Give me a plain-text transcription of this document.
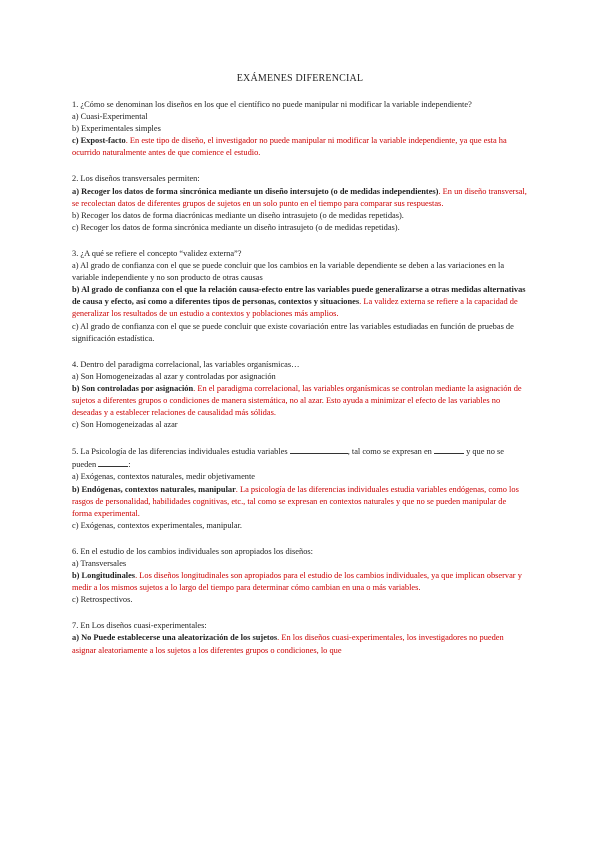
EXÁMENES DIFERENCIAL
1. ¿Cómo se denominan los diseños en los que el científico no puede manipular ni modificar la variable independiente?
a) Cuasi-Experimental
b) Experimentales simples
c) Expost-facto. En este tipo de diseño, el investigador no puede manipular ni modificar la variable independiente, ya que esta ha ocurrido naturalmente antes de que comience el estudio.
2. Los diseños transversales permiten:
a) Recoger los datos de forma sincrónica mediante un diseño intersujeto (o de medidas independientes). En un diseño transversal, se recolectan datos de diferentes grupos de sujetos en un solo punto en el tiempo para comparar sus respuestas.
b) Recoger los datos de forma diacrónicas mediante un diseño intrasujeto (o de medidas repetidas).
c) Recoger los datos de forma sincrónica mediante un diseño intrasujeto (o de medidas repetidas).
3. ¿A qué se refiere el concepto “validez externa”?
a) Al grado de confianza con el que se puede concluir que los cambios en la variable dependiente se deben a las variaciones en la variable independiente y no son producto de otras causas
b) Al grado de confianza con el que la relación causa-efecto entre las variables puede generalizarse a otras medidas alternativas de causa y efecto, así como a diferentes tipos de personas, contextos y situaciones. La validez externa se refiere a la capacidad de generalizar los resultados de un estudio a contextos y poblaciones más amplios.
c) Al grado de confianza con el que se puede concluir que existe covariación entre las variables estudiadas en función de pruebas de significación estadística.
4. Dentro del paradigma correlacional, las variables organísmicas…
a) Son Homogeneizadas al azar y controladas por asignación
b) Son controladas por asignación. En el paradigma correlacional, las variables organísmicas se controlan mediante la asignación de sujetos a diferentes grupos o condiciones de manera sistemática, no al azar. Esto ayuda a minimizar el efecto de las variables no deseadas y a establecer relaciones de causalidad más sólidas.
c) Son Homogeneizadas al azar
5. La Psicología de las diferencias individuales estudia variables	, tal como se expresan en	y que no se pueden	:
a) Exógenas, contextos naturales, medir objetivamente
b) Endógenas, contextos naturales, manipular. La psicología de las diferencias individuales estudia variables endógenas, como los rasgos de personalidad, habilidades cognitivas, etc., tal como se expresan en contextos naturales y que no se pueden manipular de forma experimental.
c) Exógenas, contextos experimentales, manipular.
6. En el estudio de los cambios individuales son apropiados los diseños:
a) Transversales
b) Longitudinales. Los diseños longitudinales son apropiados para el estudio de los cambios individuales, ya que implican observar y medir a los mismos sujetos a lo largo del tiempo para determinar cómo cambian en una o más variables.
c) Retrospectivos.
7. En Los diseños cuasi-experimentales:
a) No Puede establecerse una aleatorización de los sujetos. En los diseños cuasi-experimentales, los investigadores no pueden asignar aleatoriamente a los sujetos a los diferentes grupos o condiciones, lo que
